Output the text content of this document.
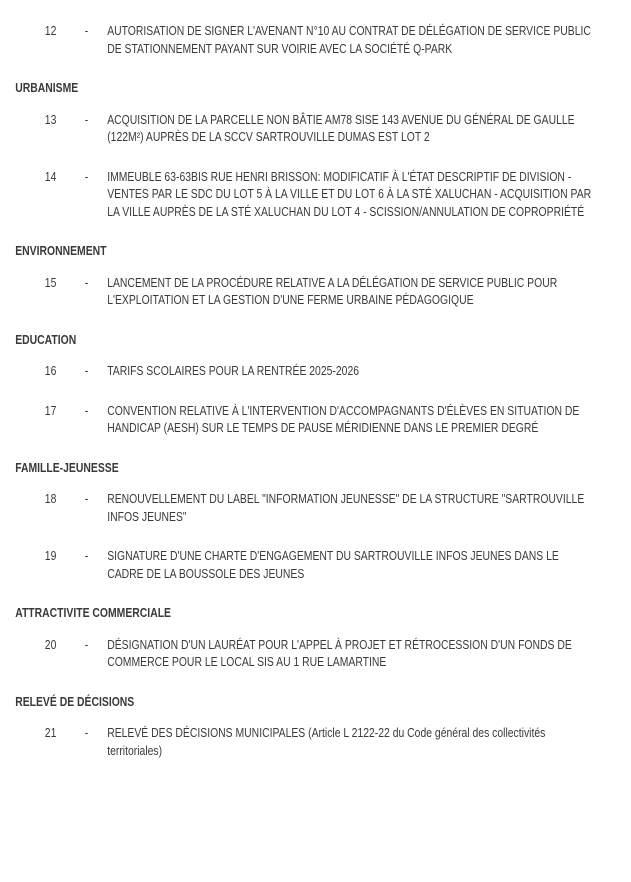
12	-	AUTORISATION DE SIGNER L'AVENANT N°10 AU CONTRAT DE DÉLÉGATION DE SERVICE PUBLIC
DE STATIONNEMENT PAYANT SUR VOIRIE AVEC LA SOCIÉTÉ Q-PARK
URBANISME
13	-	ACQUISITION DE LA PARCELLE NON BÂTIE AM78 SISE 143 AVENUE DU GÉNÉRAL DE GAULLE
(122M²) AUPRÈS DE LA SCCV SARTROUVILLE DUMAS EST LOT 2
14	-	IMMEUBLE 63-63BIS RUE HENRI BRISSON: MODIFICATIF À L'ÉTAT DESCRIPTIF DE DIVISION -
VENTES PAR LE SDC DU LOT 5 À LA VILLE ET DU LOT 6 À LA STÉ XALUCHAN - ACQUISITION PAR
LA VILLE AUPRÈS DE LA STÉ XALUCHAN DU LOT 4 - SCISSION/ANNULATION DE COPROPRIÉTÉ
ENVIRONNEMENT
15	-	LANCEMENT DE LA PROCÉDURE RELATIVE A LA DÉLÉGATION DE SERVICE PUBLIC POUR
L'EXPLOITATION ET LA GESTION D'UNE FERME URBAINE PÉDAGOGIQUE
EDUCATION
16	-	TARIFS SCOLAIRES POUR LA RENTRÉE 2025-2026
17	-	CONVENTION RELATIVE À L'INTERVENTION D'ACCOMPAGNANTS D'ÉLÈVES EN SITUATION DE
HANDICAP (AESH) SUR LE TEMPS DE PAUSE MÉRIDIENNE DANS LE PREMIER DEGRÉ
FAMILLE-JEUNESSE
18	-	RENOUVELLEMENT DU LABEL "INFORMATION JEUNESSE" DE LA STRUCTURE "SARTROUVILLE
INFOS JEUNES"
19	-	SIGNATURE D'UNE CHARTE D'ENGAGEMENT DU SARTROUVILLE INFOS JEUNES DANS LE
CADRE DE LA BOUSSOLE DES JEUNES
ATTRACTIVITE COMMERCIALE
20	-	DÉSIGNATION D'UN LAURÉAT POUR L'APPEL À PROJET ET RÉTROCESSION D'UN FONDS DE
COMMERCE POUR LE LOCAL SIS AU 1 RUE LAMARTINE
RELEVÉ DE DÉCISIONS
21	-	RELEVÉ DES DÉCISIONS MUNICIPALES (Article L 2122-22 du Code général des collectivités
territoriales)
